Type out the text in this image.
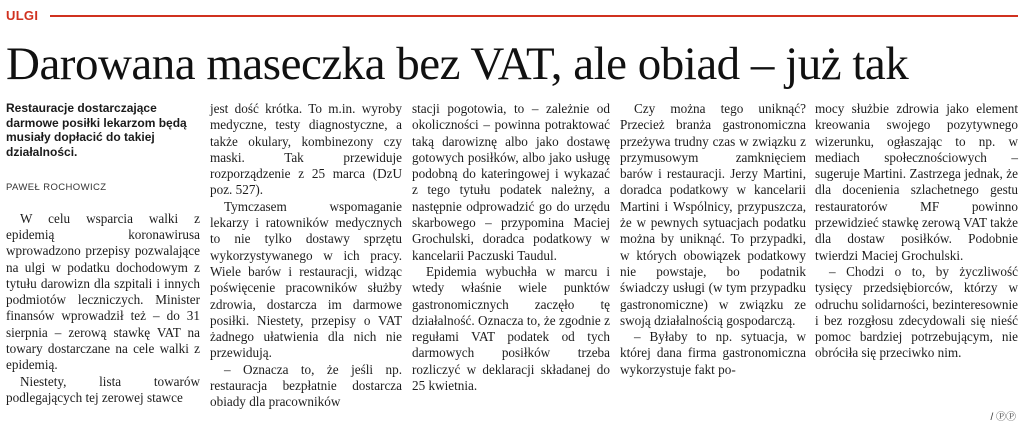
ULGI
Darowana maseczka bez VAT, ale obiad – już tak
Restauracje dostarczające darmowe posiłki lekarzom będą musiały dopłacić do takiej działalności.
PAWEŁ ROCHOWICZ

W celu wsparcia walki z epidemią koronawirusa wprowadzono przepisy pozwalające na ulgi w podatku dochodowym z tytułu darowizn dla szpitali i innych podmiotów leczniczych. Minister finansów wprowadził też – do 31 sierpnia – zerową stawkę VAT na towary dostarczane na cele walki z epidemią.

Niestety, lista towarów podlegających tej zerowej stawce

jest dość krótka. To m.in. wyroby medyczne, testy diagnostyczne, a także okulary, kombinezony czy maski. Tak przewiduje rozporządzenie z 25 marca (DzU poz. 527).

Tymczasem wspomaganie lekarzy i ratowników medycznych to nie tylko dostawy sprzętu wykorzystywanego w ich pracy. Wiele barów i restauracji, widząc poświęcenie pracowników służby zdrowia, dostarcza im darmowe posiłki. Niestety, przepisy o VAT żadnego ułatwienia dla nich nie przewidują.

– Oznacza to, że jeśli np. restauracja bezpłatnie dostarcza obiady dla pracowników

stacji pogotowia, to – zależnie od okoliczności – powinna potraktować taką darowiznę albo jako dostawę gotowych posiłków, albo jako usługę podobną do kateringowej i wykazać z tego tytułu podatek należny, a następnie odprowadzić go do urzędu skarbowego – przypomina Maciej Grochulski, doradca podatkowy w kancelarii Paczuski Taudul.

Epidemia wybuchła w marcu i wtedy właśnie wiele punktów gastronomicznych zaczęło tę działalność. Oznacza to, że zgodnie z regułami VAT podatek od tych darmowych posiłków trzeba rozliczyć w deklaracji składanej do 25 kwietnia.

Czy można tego uniknąć? Przecież branża gastronomiczna przeżywa trudny czas w związku z przymusowym zamknięciem barów i restauracji. Jerzy Martini, doradca podatkowy w kancelarii Martini i Wspólnicy, przypuszcza, że w pewnych sytuacjach podatku można by uniknąć. To przypadki, w których obowiązek podatkowy nie powstaje, bo podatnik świadczy usługi (w tym przypadku gastronomiczne) w związku ze swoją działalnością gospodarczą.

– Byłaby to np. sytuacja, w której dana firma gastronomiczna wykorzystuje fakt po-

mocy służbie zdrowia jako element kreowania swojego pozytywnego wizerunku, ogłaszając to np. w mediach społecznościowych – sugeruje Martini. Zastrzega jednak, że dla docenienia szlachetnego gestu restauratorów MF powinno przewidzieć stawkę zerową VAT także dla dostaw posiłków. Podobnie twierdzi Maciej Grochulski.

– Chodzi o to, by życzliwość tysięcy przedsiębiorców, którzy w odruchu solidarności, bezinteresownie i bez rozgłosu zdecydowali się nieść pomoc bardziej potrzebującym, nie obróciła się przeciwko nim.

/ ⓅⓅ
